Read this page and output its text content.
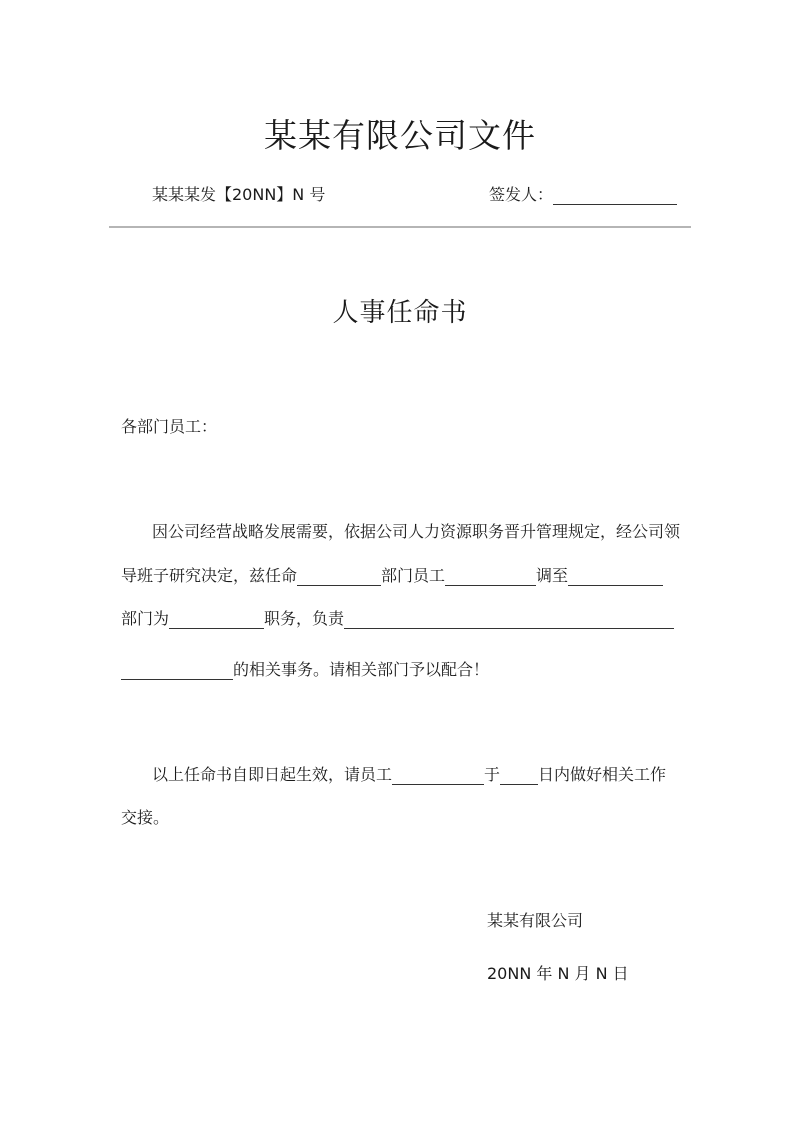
某某有限公司文件
某某某发【20NN】N 号	签发人：
人事任命书
各部门员工：
因公司经营战略发展需要，依据公司人力资源职务晋升管理规定，经公司领
导班子研究决定，兹任命	部门员工	调至
部门为	职务，负责
的相关事务。请相关部门予以配合！
以上任命书自即日起生效，请员工	于 日内做好相关工作
交接。
某某有限公司
20NN 年 N 月 N 日
